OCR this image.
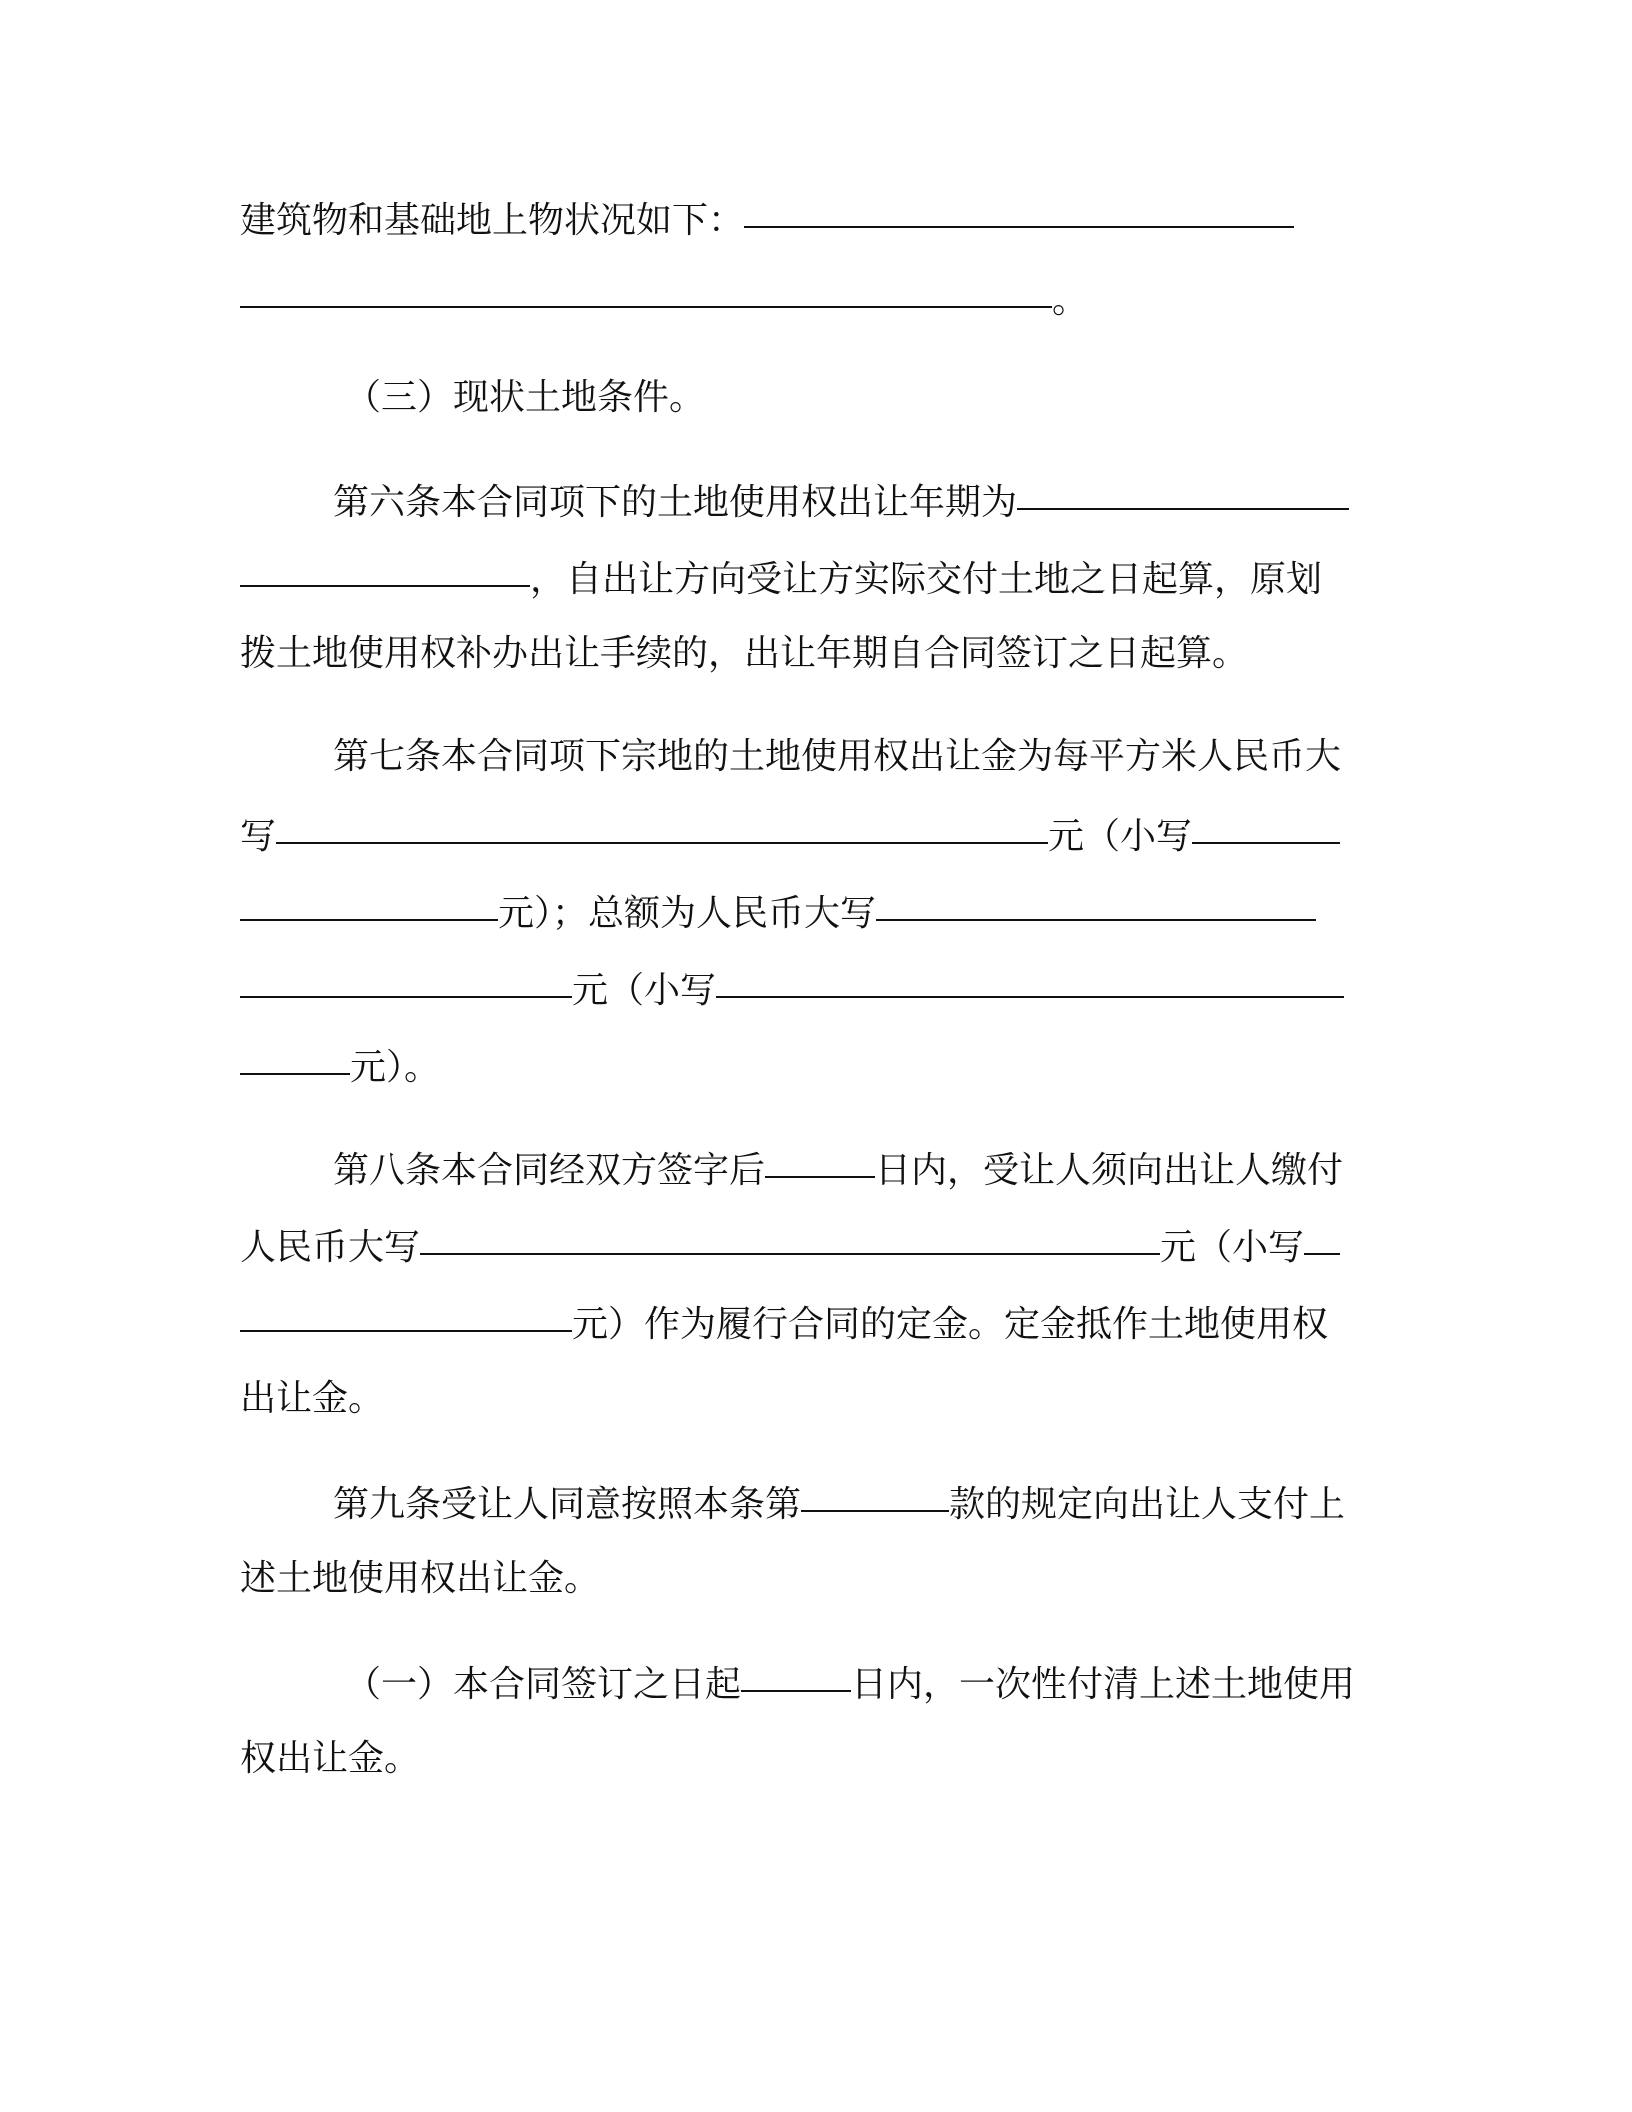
建筑物和基础地上物状况如下：
。
（三）现状土地条件。
第六条本合同项下的土地使用权出让年期为
，自出让方向受让方实际交付土地之日起算，原划
拨土地使用权补办出让手续的，出让年期自合同签订之日起算。
第七条本合同项下宗地的土地使用权出让金为每平方米人民币大
写	元（小写
元）；总额为人民币大写
元（小写
元）。
第八条本合同经双方签字后	日内，受让人须向出让人缴付
人民币大写	元（小写
元）作为履行合同的定金。定金抵作土地使用权
出让金。
第九条受让人同意按照本条第	款的规定向出让人支付上
述土地使用权出让金。
（一）本合同签订之日起	日内，一次性付清上述土地使用
权出让金。
